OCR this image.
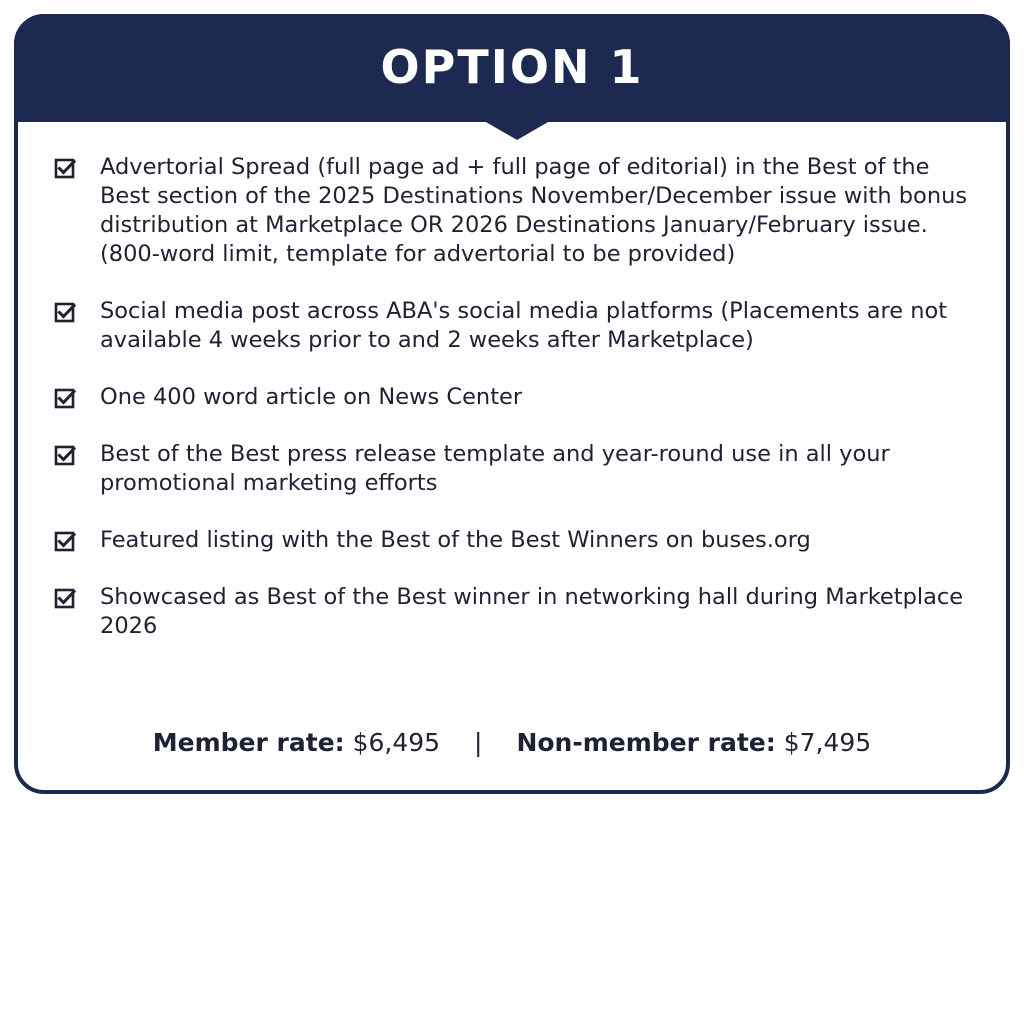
OPTION 1
Advertorial Spread (full page ad + full page of editorial) in the Best of the Best section of the 2025 Destinations November/December issue with bonus distribution at Marketplace OR 2026 Destinations January/February issue. (800-word limit, template for advertorial to be provided)
Social media post across ABA's social media platforms (Placements are not available 4 weeks prior to and 2 weeks after Marketplace)
One 400 word article on News Center
Best of the Best press release template and year-round use in all your promotional marketing efforts
Featured listing with the Best of the Best Winners on buses.org
Showcased as Best of the Best winner in networking hall during Marketplace 2026
Member rate: $6,495 | Non-member rate: $7,495
